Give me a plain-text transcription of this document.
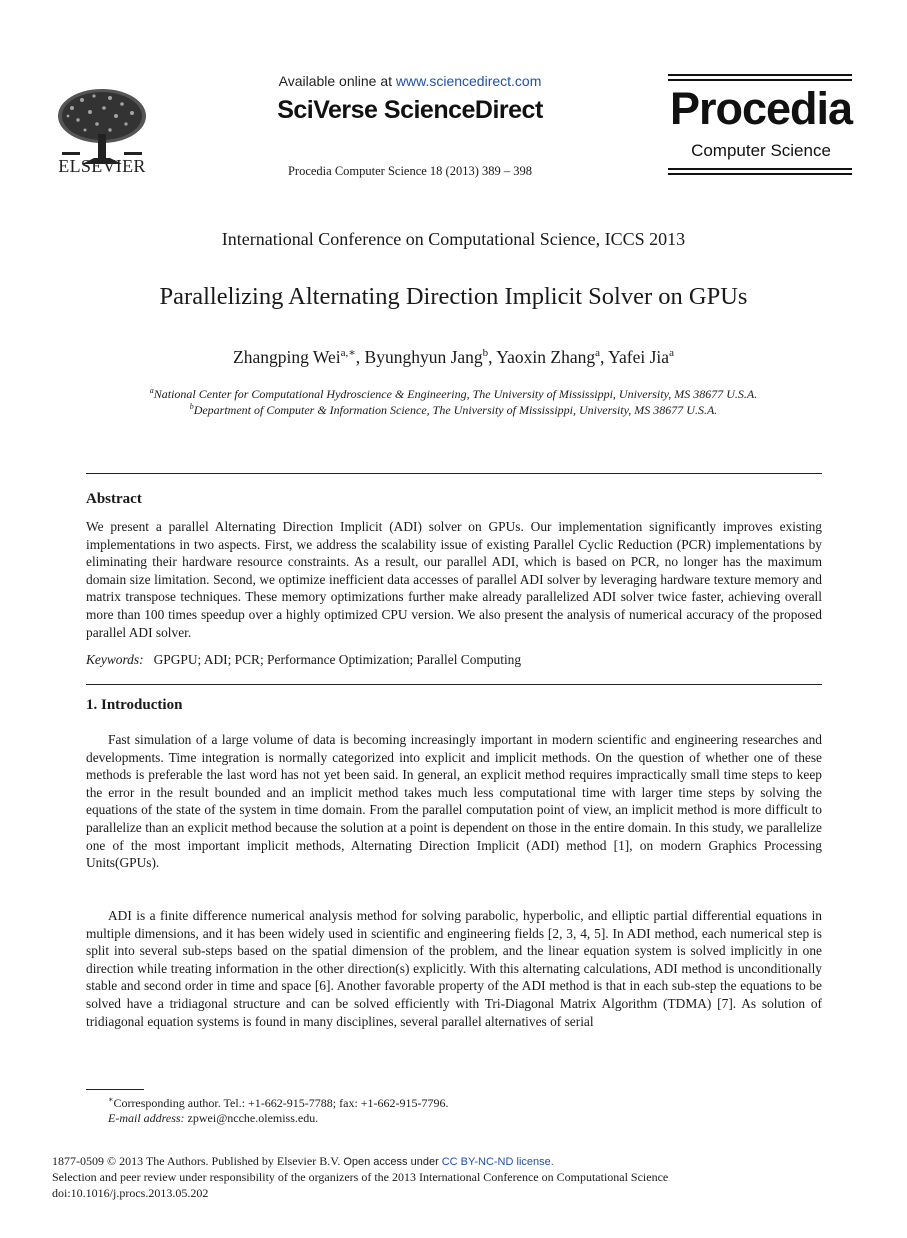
ELSEVIER
Available online at www.sciencedirect.com
SciVerse ScienceDirect
Procedia Computer Science 18 (2013) 389 – 398
Procedia
Computer Science
International Conference on Computational Science, ICCS 2013
Parallelizing Alternating Direction Implicit Solver on GPUs
Zhangping Wei$^{a,∗}$, Byunghyun Jang$^b$, Yaoxin Zhang$^a$, Yafei Jia$^a$
$^a$National Center for Computational Hydroscience & Engineering, The University of Mississippi, University, MS 38677 U.S.A.
$^b$Department of Computer & Information Science, The University of Mississippi, University, MS 38677 U.S.A.
Abstract
We present a parallel Alternating Direction Implicit (ADI) solver on GPUs. Our implementation significantly improves existing implementations in two aspects. First, we address the scalability issue of existing Parallel Cyclic Reduction (PCR) implementations by eliminating their hardware resource constraints. As a result, our parallel ADI, which is based on PCR, no longer has the maximum domain size limitation. Second, we optimize inefficient data accesses of parallel ADI solver by leveraging hardware texture memory and matrix transpose techniques. These memory optimizations further make already parallelized ADI solver twice faster, achieving overall more than 100 times speedup over a highly optimized CPU version. We also present the analysis of numerical accuracy of the proposed parallel ADI solver.
Keywords: GPGPU; ADI; PCR; Performance Optimization; Parallel Computing
1. Introduction
Fast simulation of a large volume of data is becoming increasingly important in modern scientific and engineering researches and developments. Time integration is normally categorized into explicit and implicit methods. On the question of whether one of these methods is preferable the last word has not yet been said. In general, an explicit method requires impractically small time steps to keep the error in the result bounded and an implicit method takes much less computational time with larger time steps by solving the equations of the state of the system in time domain. From the parallel computation point of view, an implicit method is more difficult to parallelize than an explicit method because the solution at a point is dependent on those in the entire domain. In this study, we parallelize one of the most important implicit methods, Alternating Direction Implicit (ADI) method [1], on modern Graphics Processing Units(GPUs).
ADI is a finite difference numerical analysis method for solving parabolic, hyperbolic, and elliptic partial differential equations in multiple dimensions, and it has been widely used in scientific and engineering fields [2, 3, 4, 5]. In ADI method, each numerical step is split into several sub-steps based on the spatial dimension of the problem, and the linear equation system is solved implicitly in one direction while treating information in the other direction(s) explicitly. With this alternating calculations, ADI method is unconditionally stable and second order in time and space [6]. Another favorable property of the ADI method is that in each sub-step the equations to be solved have a tridiagonal structure and can be solved efficiently with Tri-Diagonal Matrix Algorithm (TDMA) [7]. As solution of tridiagonal equation systems is found in many disciplines, several parallel alternatives of serial
∗Corresponding author. Tel.: +1-662-915-7788; fax: +1-662-915-7796.
E-mail address: zpwei@ncche.olemiss.edu.
1877-0509 © 2013 The Authors. Published by Elsevier B.V. Open access under CC BY-NC-ND license.
Selection and peer review under responsibility of the organizers of the 2013 International Conference on Computational Science
doi:10.1016/j.procs.2013.05.202
